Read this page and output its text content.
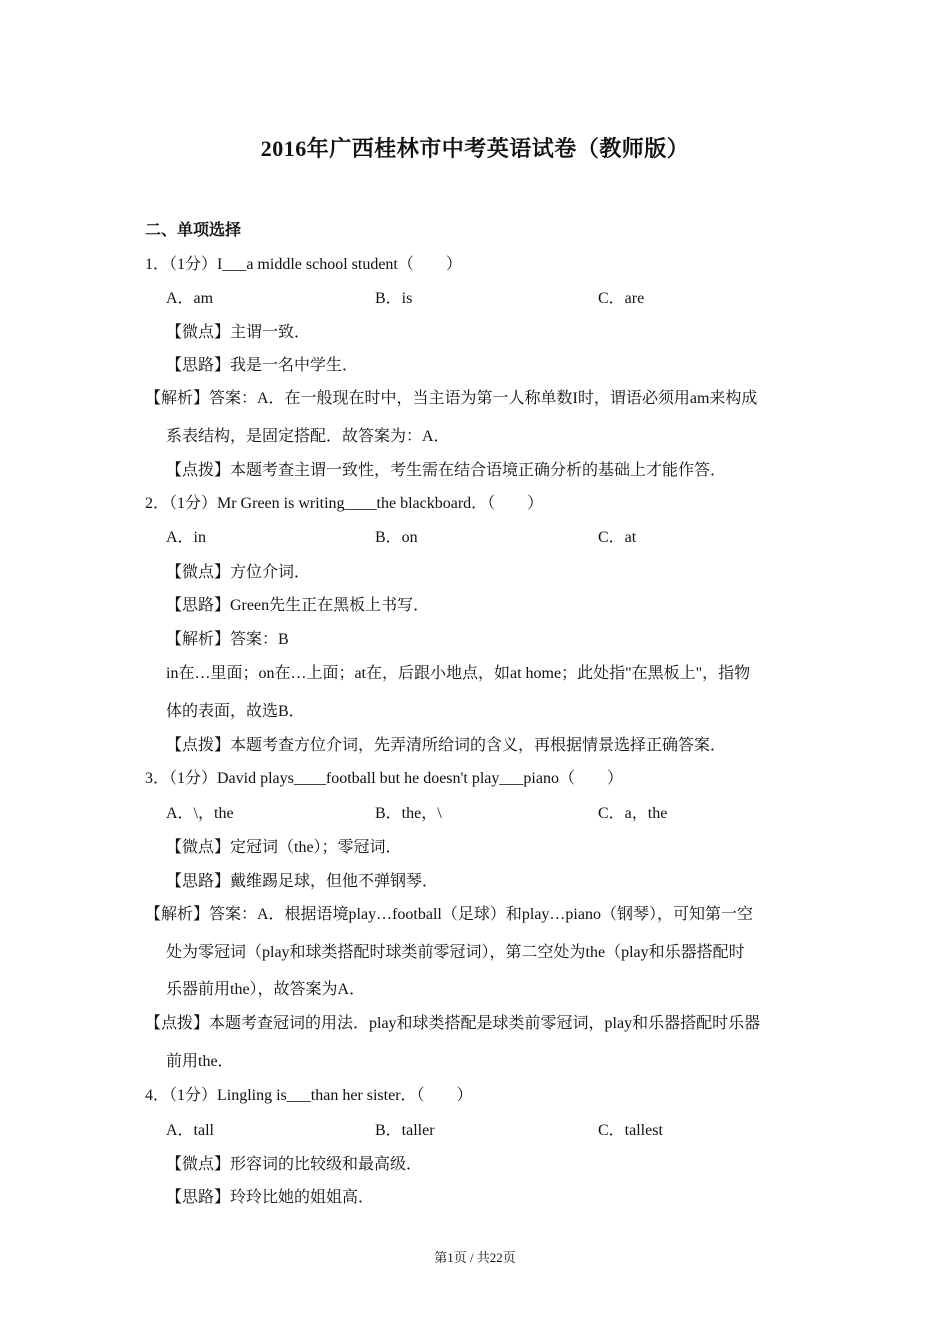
2016年广西桂林市中考英语试卷（教师版）
二、单项选择
1．（1分）I___a middle school student（　　）
A．am	B．is	C．are
【微点】主谓一致．
【思路】我是一名中学生．
【解析】答案：A．在一般现在时中，当主语为第一人称单数I时，谓语必须用am来构成
系表结构，是固定搭配．故答案为：A．
【点拨】本题考查主谓一致性，考生需在结合语境正确分析的基础上才能作答．
2．（1分）Mr Green is writing____the blackboard．（　　）
A．in	B．on	C．at
【微点】方位介词．
【思路】Green先生正在黑板上书写．
【解析】答案：B
in在…里面；on在…上面；at在，后跟小地点，如at home；此处指"在黑板上"，指物
体的表面，故选B．
【点拨】本题考查方位介词，先弄清所给词的含义，再根据情景选择正确答案．
3．（1分）David plays____football but he doesn't play___piano（　　）
A．\，the	B．the，\	C．a，the
【微点】定冠词（the）；零冠词．
【思路】戴维踢足球，但他不弹钢琴．
【解析】答案：A．根据语境play…football（足球）和play…piano（钢琴），可知第一空
处为零冠词（play和球类搭配时球类前零冠词），第二空处为the（play和乐器搭配时
乐器前用the），故答案为A．
【点拨】本题考查冠词的用法．play和球类搭配是球类前零冠词，play和乐器搭配时乐器
前用the．
4．（1分）Lingling is___than her sister．（　　）
A．tall	B．taller	C．tallest
【微点】形容词的比较级和最高级．
【思路】玲玲比她的姐姐高．
第1页 / 共22页
